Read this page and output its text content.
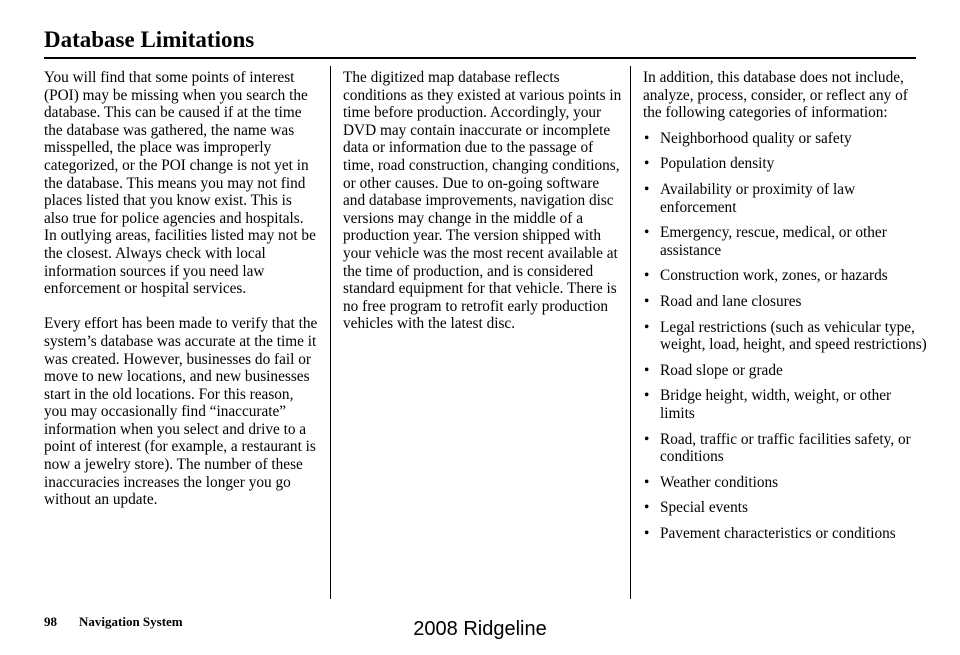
Database Limitations

You will find that some points of interest (POI) may be missing when you search the database. This can be caused if at the time the database was gathered, the name was misspelled, the place was improperly categorized, or the POI change is not yet in the database. This means you may not find places listed that you know exist. This is also true for police agencies and hospitals. In outlying areas, facilities listed may not be the closest. Always check with local information sources if you need law enforcement or hospital services.

Every effort has been made to verify that the system’s database was accurate at the time it was created. However, businesses do fail or move to new locations, and new businesses start in the old locations. For this reason, you may occasionally find “inaccurate” information when you select and drive to a point of interest (for example, a restaurant is now a jewelry store). The number of these inaccuracies increases the longer you go without an update.

The digitized map database reflects conditions as they existed at various points in time before production. Accordingly, your DVD may contain inaccurate or incomplete data or information due to the passage of time, road construction, changing conditions, or other causes. Due to on-going software and database improvements, navigation disc versions may change in the middle of a production year. The version shipped with your vehicle was the most recent available at the time of production, and is considered standard equipment for that vehicle. There is no free program to retrofit early production vehicles with the latest disc.

In addition, this database does not include, analyze, process, consider, or reflect any of the following categories of information:

• Neighborhood quality or safety
• Population density
• Availability or proximity of law enforcement
• Emergency, rescue, medical, or other assistance
• Construction work, zones, or hazards
• Road and lane closures
• Legal restrictions (such as vehicular type, weight, load, height, and speed restrictions)
• Road slope or grade
• Bridge height, width, weight, or other limits
• Road, traffic or traffic facilities safety, or conditions
• Weather conditions
• Special events
• Pavement characteristics or conditions
98 Navigation System	2008 Ridgeline
